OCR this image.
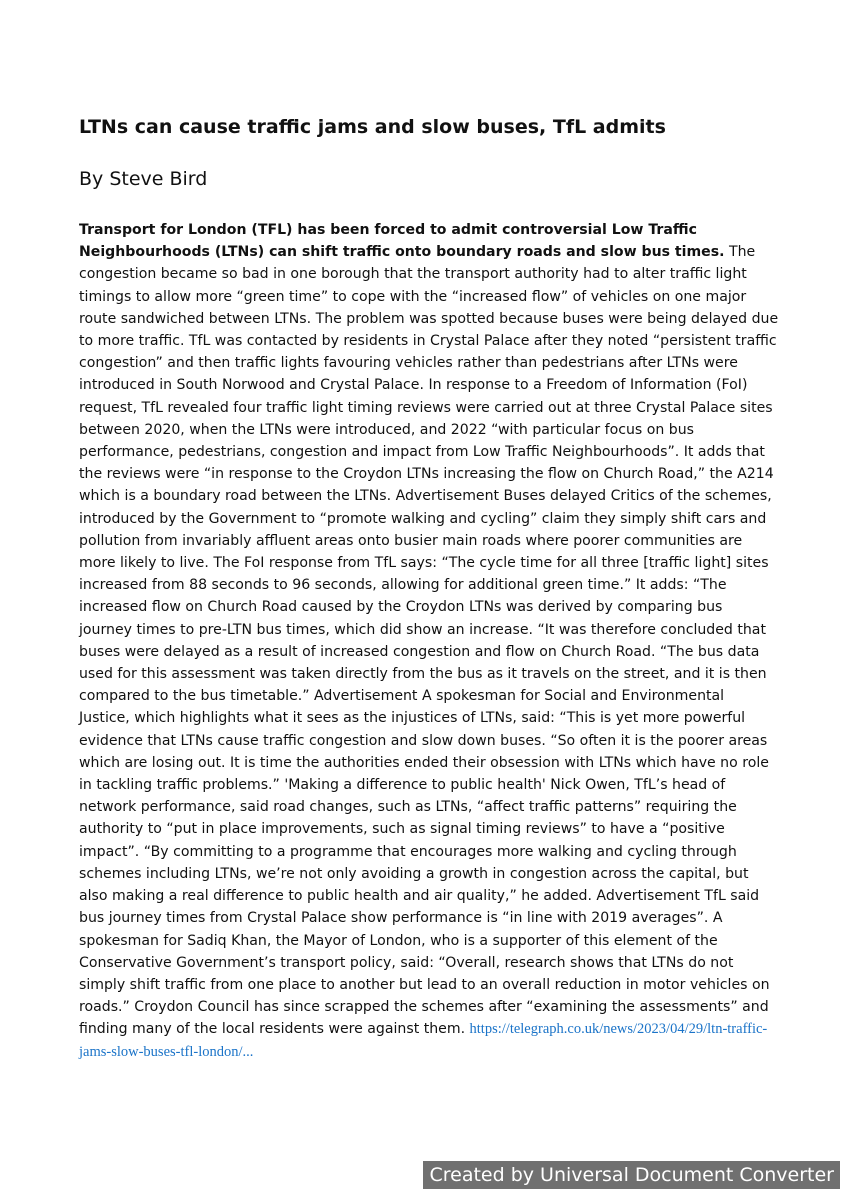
LTNs can cause traffic jams and slow buses, TfL admits

By Steve Bird

Transport for London (TFL) has been forced to admit controversial Low Traffic Neighbourhoods (LTNs) can shift traffic onto boundary roads and slow bus times. The congestion became so bad in one borough that the transport authority had to alter traffic light timings to allow more “green time” to cope with the “increased flow” of vehicles on one major route sandwiched between LTNs. The problem was spotted because buses were being delayed due to more traffic. TfL was contacted by residents in Crystal Palace after they noted “persistent traffic congestion” and then traffic lights favouring vehicles rather than pedestrians after LTNs were introduced in South Norwood and Crystal Palace. In response to a Freedom of Information (FoI) request, TfL revealed four traffic light timing reviews were carried out at three Crystal Palace sites between 2020, when the LTNs were introduced, and 2022 “with particular focus on bus performance, pedestrians, congestion and impact from Low Traffic Neighbourhoods”. It adds that the reviews were “in response to the Croydon LTNs increasing the flow on Church Road,” the A214 which is a boundary road between the LTNs. Advertisement Buses delayed Critics of the schemes, introduced by the Government to “promote walking and cycling” claim they simply shift cars and pollution from invariably affluent areas onto busier main roads where poorer communities are more likely to live. The FoI response from TfL says: “The cycle time for all three [traffic light] sites increased from 88 seconds to 96 seconds, allowing for additional green time.” It adds: “The increased flow on Church Road caused by the Croydon LTNs was derived by comparing bus journey times to pre-LTN bus times, which did show an increase. “It was therefore concluded that buses were delayed as a result of increased congestion and flow on Church Road. “The bus data used for this assessment was taken directly from the bus as it travels on the street, and it is then compared to the bus timetable.” Advertisement A spokesman for Social and Environmental Justice, which highlights what it sees as the injustices of LTNs, said: “This is yet more powerful evidence that LTNs cause traffic congestion and slow down buses. “So often it is the poorer areas which are losing out. It is time the authorities ended their obsession with LTNs which have no role in tackling traffic problems.” 'Making a difference to public health' Nick Owen, TfL’s head of network performance, said road changes, such as LTNs, “affect traffic patterns” requiring the authority to “put in place improvements, such as signal timing reviews” to have a “positive impact”. “By committing to a programme that encourages more walking and cycling through schemes including LTNs, we’re not only avoiding a growth in congestion across the capital, but also making a real difference to public health and air quality,” he added. Advertisement TfL said bus journey times from Crystal Palace show performance is “in line with 2019 averages”. A spokesman for Sadiq Khan, the Mayor of London, who is a supporter of this element of the Conservative Government’s transport policy, said: “Overall, research shows that LTNs do not simply shift traffic from one place to another but lead to an overall reduction in motor vehicles on roads.” Croydon Council has since scrapped the schemes after “examining the assessments” and finding many of the local residents were against them. https://telegraph.co.uk/news/2023/04/29/ltn-traffic-jams-slow-buses-tfl-london/...

Created by Universal Document Converter
